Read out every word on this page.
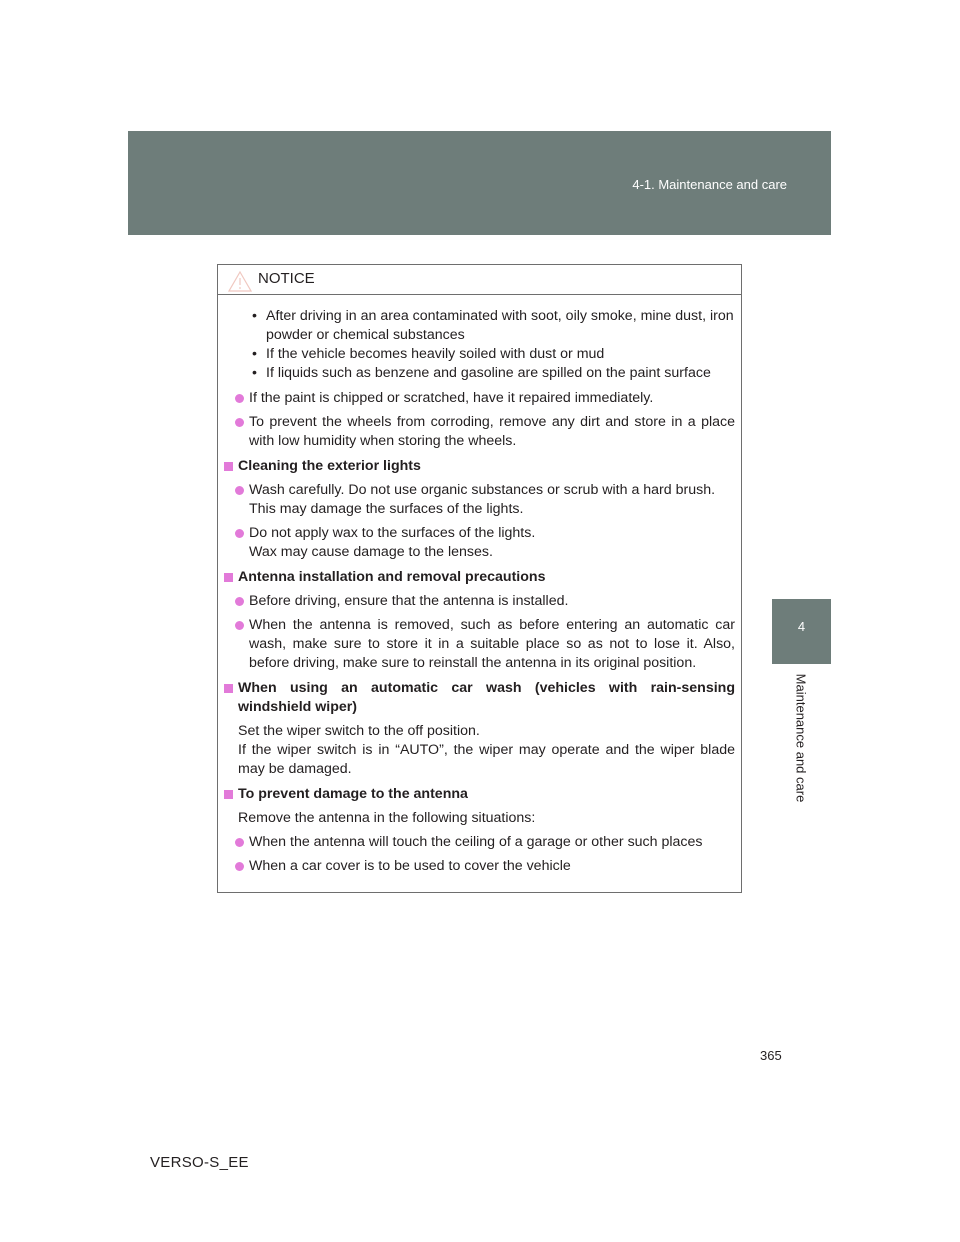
4-1. Maintenance and care
4
Maintenance and care
NOTICE
• After driving in an area contaminated with soot, oily smoke, mine dust, iron powder or chemical substances
• If the vehicle becomes heavily soiled with dust or mud
• If liquids such as benzene and gasoline are spilled on the paint surface
If the paint is chipped or scratched, have it repaired immediately.
To prevent the wheels from corroding, remove any dirt and store in a place with low humidity when storing the wheels.
Cleaning the exterior lights
Wash carefully. Do not use organic substances or scrub with a hard brush.
This may damage the surfaces of the lights.
Do not apply wax to the surfaces of the lights.
Wax may cause damage to the lenses.
Antenna installation and removal precautions
Before driving, ensure that the antenna is installed.
When the antenna is removed, such as before entering an automatic car wash, make sure to store it in a suitable place so as not to lose it. Also, before driving, make sure to reinstall the antenna in its original position.
When using an automatic car wash (vehicles with rain-sensing windshield wiper)
Set the wiper switch to the off position.
If the wiper switch is in “AUTO”, the wiper may operate and the wiper blade may be damaged.
To prevent damage to the antenna
Remove the antenna in the following situations:
When the antenna will touch the ceiling of a garage or other such places
When a car cover is to be used to cover the vehicle
365
VERSO-S_EE
